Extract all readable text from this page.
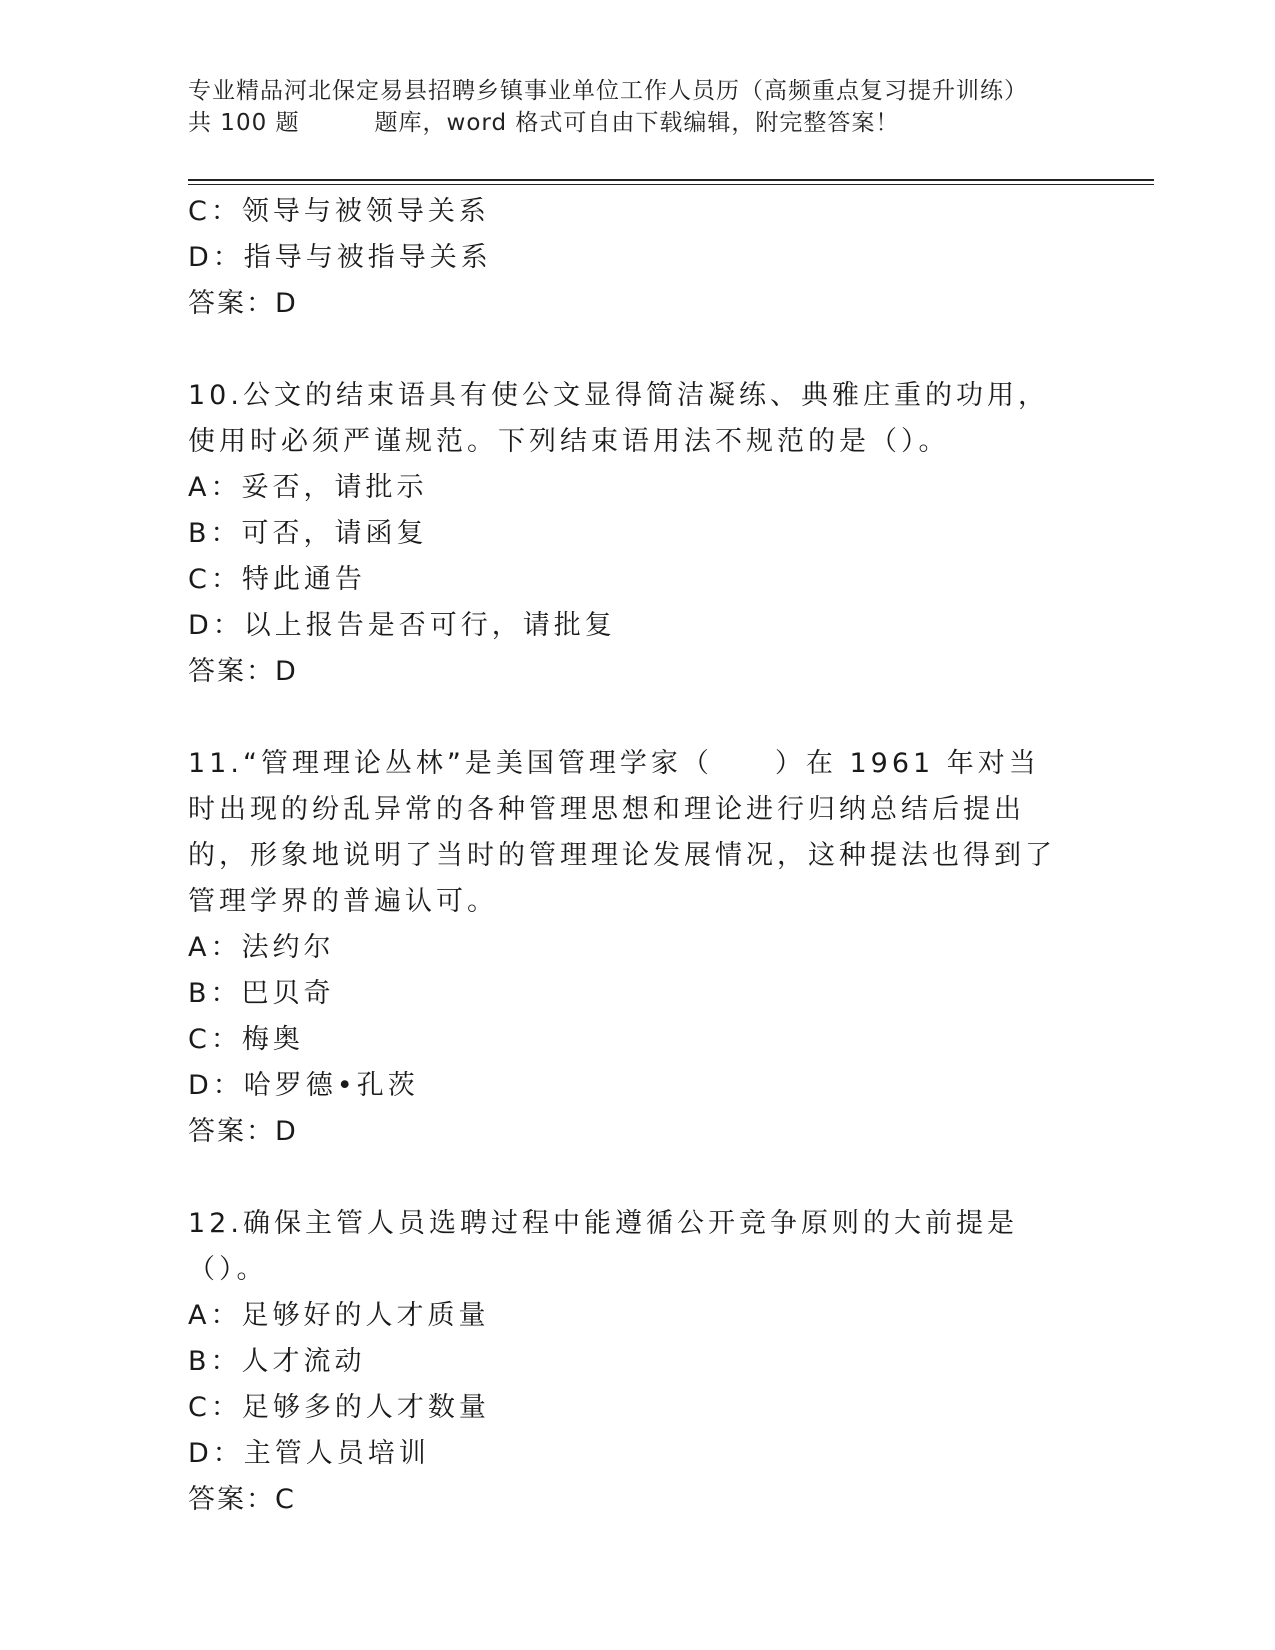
专业精品河北保定易县招聘乡镇事业单位工作人员历（高频重点复习提升训练）
共 100 题	题库，word 格式可自由下载编辑，附完整答案！

C：领导与被领导关系

D：指导与被指导关系

答案：D

10.公文的结束语具有使公文显得简洁凝练、典雅庄重的功用，使用时必须严谨规范。下列结束语用法不规范的是（）。

A：妥否，请批示

B：可否，请函复

C：特此通告

D：以上报告是否可行，请批复

答案：D

11.“管理理论丛林”是美国管理学家（　　）在 1961 年对当时出现的纷乱异常的各种管理思想和理论进行归纳总结后提出的，形象地说明了当时的管理理论发展情况，这种提法也得到了管理学界的普遍认可。

A：法约尔

B：巴贝奇

C：梅奥

D：哈罗德•孔茨

答案：D

12.确保主管人员选聘过程中能遵循公开竞争原则的大前提是（）。

A：足够好的人才质量

B：人才流动

C：足够多的人才数量

D：主管人员培训

答案：C
